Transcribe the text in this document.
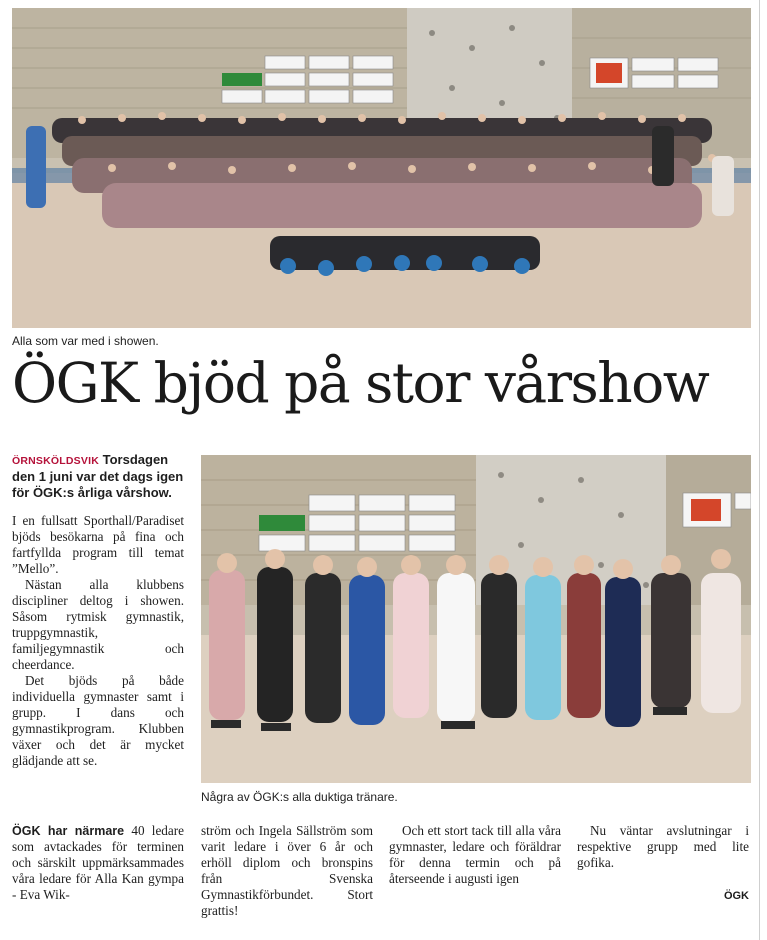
Alla som var med i showen.
ÖGK bjöd på stor vårshow

ÖRNSKÖLDSVIK Torsdagen den 1 juni var det dags igen för ÖGK:s årliga vårshow.

I en fullsatt Sporthall/Paradiset bjöds besökarna på fina och fartfyllda program till temat ”Mello”.

Nästan alla klubbens discipliner deltog i showen. Såsom rytmisk gymnastik, truppgymnastik, familjegymnastik och cheerdance.

Det bjöds på både individuella gymnaster samt i grupp. I dans och gymnastikprogram. Klubben växer och det är mycket glädjande att se.

Några av ÖGK:s alla duktiga tränare.

ÖGK har närmare 40 ledare som avtackades för terminen och särskilt uppmärksammades våra ledare för Alla Kan gympa - Eva Wik-

ström och Ingela Sällström som varit ledare i över 6 år och erhöll diplom och bronspins från Svenska Gymnastikförbundet. Stort grattis!

Och ett stort tack till alla våra gymnaster, ledare och föräldrar för denna termin och på återseende i augusti igen

Nu väntar avslutningar i respektive grupp med lite gofika.

ÖGK
